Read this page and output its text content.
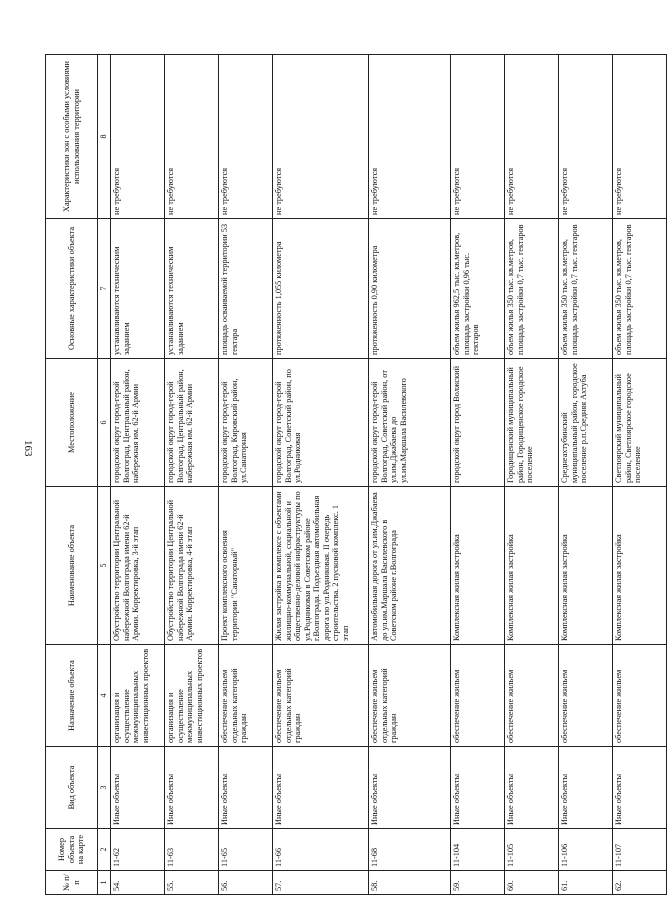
163
№ п/п	Номер объекта на карте	Вид объекта	Назначение объекта	Наименование объекта	Местоположение	Основные характеристики объекта	Характеристики зон с особыми условиями использования территории
1	2	3	4	5	6	7	8
54.	11-62	Иные объекты	организация и осуществление межмуниципальных инвестиционных проектов	Обустройство территории Центральной набережной Волгограда имени 62-й Армии. Корректировка, 3-й этап	городской округ город-герой Волгоград, Центральный район, набережная им. 62-й Армии	устанавливаются техническим заданием	не требуются
55.	11-63	Иные объекты	организация и осуществление межмуниципальных инвестиционных проектов	Обустройство территории Центральной набережной Волгограда имени 62-й Армии. Корректировка, 4-й этап	городской округ город-герой Волгоград, Центральный район, набережная им. 62-й Армии	устанавливаются техническим заданием	не требуются
56.	11-65	Иные объекты	обеспечение жильем отдельных категорий граждан	Проект комплексного освоения территории "Санаторный"	городской округ город-герой Волгоград, Кировский район, ул.Санаторная	площадь осваиваемой территории 53 гектара	не требуются
57.	11-66	Иные объекты	обеспечение жильем отдельных категорий граждан	Жилая застройка в комплексе с объектами жилищно-коммунальной, социальной и общественно-деловой инфраструктуры по ул.Родниковая в Советском районе г.Волгограда. Подъездная автомобильная дорога по ул.Родниковая. II очередь строительства. 2 пусковой комплекс. 1 этап	городской округ город-герой Волгоград, Советский район, по ул.Родниковая	протяженность 1,055 километра	не требуются
58.	11-68	Иные объекты	обеспечение жильем отдельных категорий граждан	Автомобильная дорога от ул.им.Джабаева до ул.им.Маршала Василевского в Советском районе г.Волгограда	городской округ город-герой Волгоград, Советский район, от ул.им.Джабаева до ул.им.Маршала Василевского	протяженность 0,90 километра	не требуются
59.	11-104	Иные объекты	обеспечение жильем	Комплексная жилая застройка	городской округ город Волжский	объем жилья 962,5 тыс. кв.метров, площадь застройки 0,96 тыс. гектаров	не требуются
60.	11-105	Иные объекты	обеспечение жильем	Комплексная жилая застройка	Городищенский муниципальный район, Городищенское городское поселение	объем жилья 350 тыс. кв.метров, площадь застройки 0,7 тыс. гектаров	не требуются
61.	11-106	Иные объекты	обеспечение жильем	Комплексная жилая застройка	Среднеахтубинский муниципальный район, городское поселение р.п.Средняя Ахтуба	объем жилья 350 тыс. кв.метров, площадь застройки 0,7 тыс. гектаров	не требуются
62.	11-107	Иные объекты	обеспечение жильем	Комплексная жилая застройка	Светлоярский муниципальный район, Светлоярское городское поселение	объем жилья 350 тыс. кв.метров, площадь застройки 0,7 тыс. гектаров	не требуются
